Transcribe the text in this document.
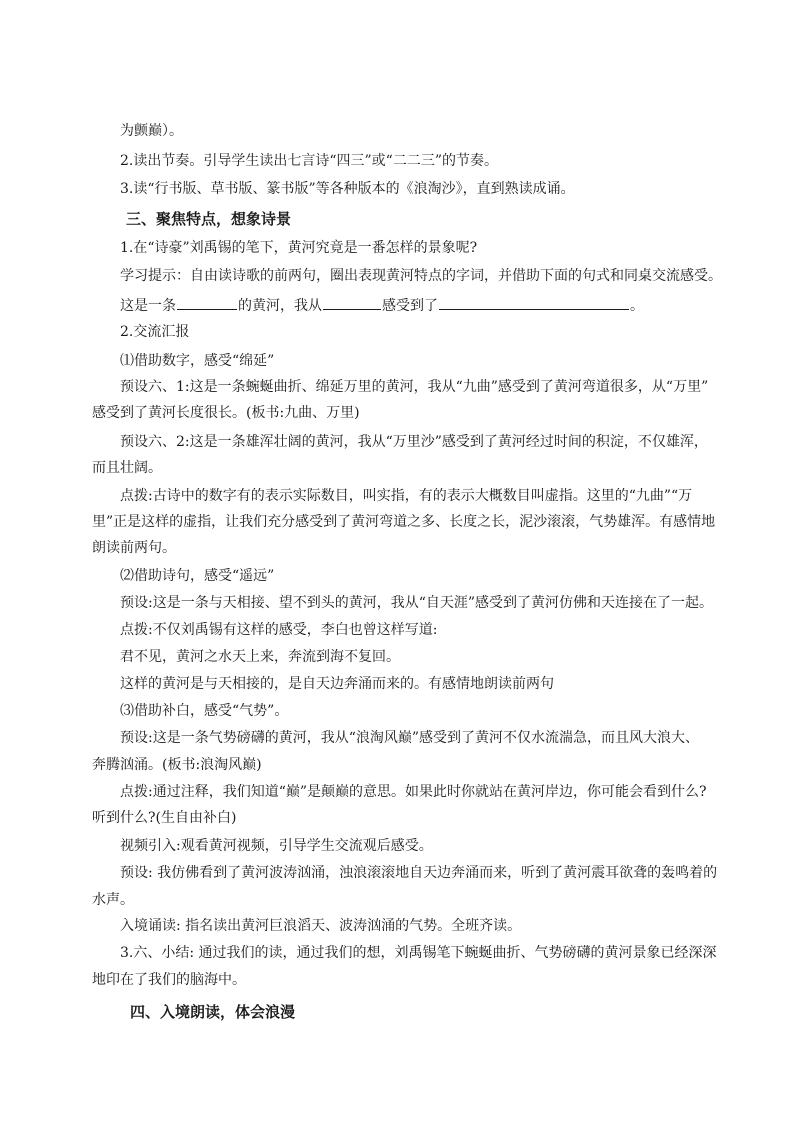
为颤巅）。

2.读出节奏。引导学生读出七言诗“四三”或“二二三”的节奏。

3.读“行书版、草书版、篆书版”等各种版本的《浪淘沙》，直到熟读成诵。

三、聚焦特点，想象诗景

1.在“诗豪”刘禹锡的笔下，黄河究竟是一番怎样的景象呢?

学习提示：自由读诗歌的前两句，圈出表现黄河特点的字词，并借助下面的句式和同桌交流感受。

这是一条	的黄河，我从	感受到了	。

2.交流汇报

⑴借助数字，感受“绵延”

预设六、1:这是一条蜿蜒曲折、绵延万里的黄河，我从“九曲”感受到了黄河弯道很多，从“万里”

感受到了黄河长度很长。(板书:九曲、万里)

预设六、2:这是一条雄浑壮阔的黄河，我从“万里沙”感受到了黄河经过时间的积淀，不仅雄浑，

而且壮阔。

点拨:古诗中的数字有的表示实际数目，叫实指，有的表示大概数目叫虚指。这里的“九曲”“万

里”正是这样的虚指，让我们充分感受到了黄河弯道之多、长度之长，泥沙滚滚，气势雄浑。有感情地

朗读前两句。

⑵借助诗句，感受“遥远”

预设:这是一条与天相接、望不到头的黄河，我从“自天涯”感受到了黄河仿佛和天连接在了一起。

点拨:不仅刘禹锡有这样的感受，李白也曾这样写道:

君不见，黄河之水天上来，奔流到海不复回。

这样的黄河是与天相接的，是自天边奔涌而来的。有感情地朗读前两句

⑶借助补白，感受“气势”。

预设:这是一条气势磅礴的黄河，我从“浪淘风巅”感受到了黄河不仅水流湍急，而且风大浪大、

奔腾汹涌。(板书:浪淘风巅)

点拨:通过注释，我们知道“巅”是颠巅的意思。如果此时你就站在黄河岸边，你可能会看到什么?

听到什么?(生自由补白)

视频引入:观看黄河视频，引导学生交流观后感受。

预设: 我仿佛看到了黄河波涛汹涌，浊浪滚滚地自天边奔涌而来，听到了黄河震耳欲聋的轰鸣着的

水声。

入境诵读: 指名读出黄河巨浪滔天、波涛汹涌的气势。全班齐读。

3.六、小结: 通过我们的读，通过我们的想，刘禹锡笔下蜿蜒曲折、气势磅礴的黄河景象已经深深

地印在了我们的脑海中。

四、入境朗读，体会浪漫
